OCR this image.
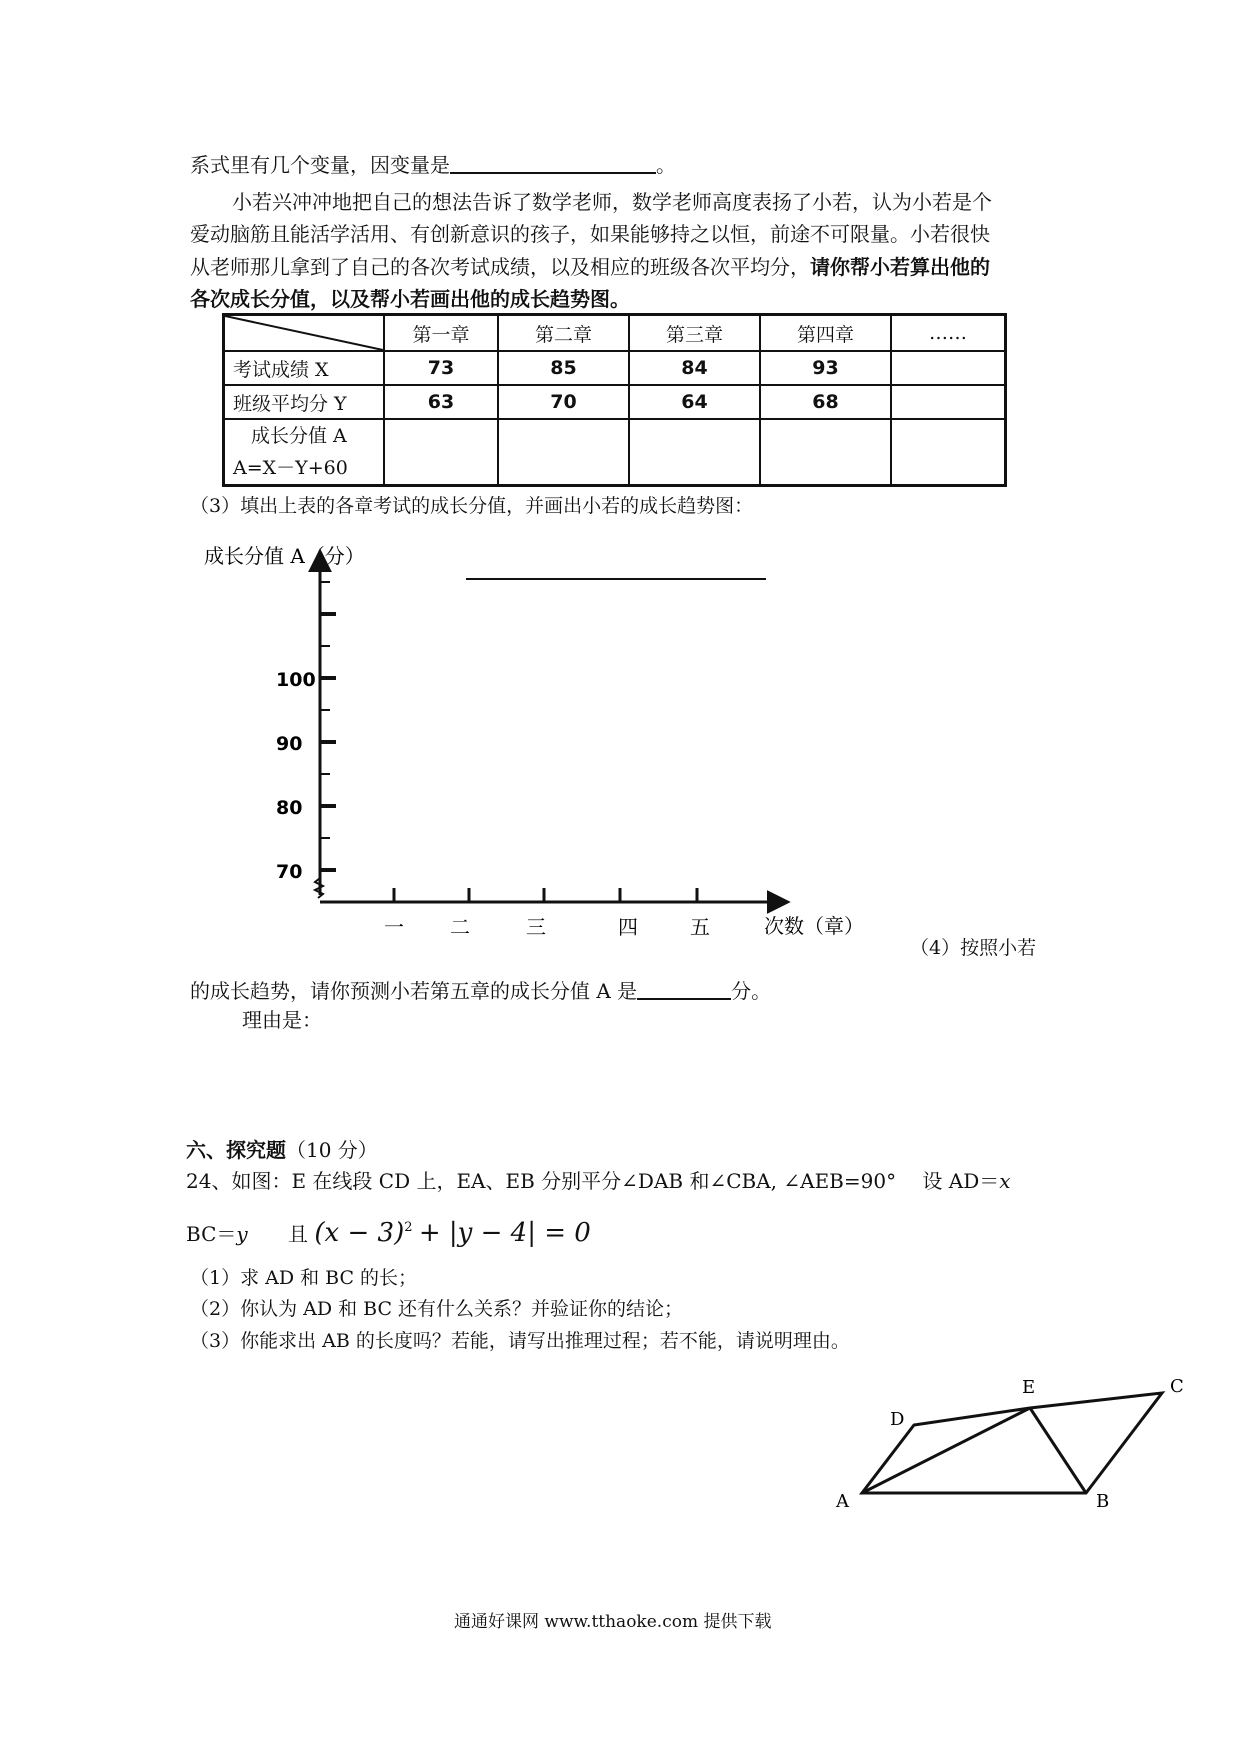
系式里有几个变量，因变量是	。
小若兴冲冲地把自己的想法告诉了数学老师，数学老师高度表扬了小若，认为小若是个
爱动脑筋且能活学活用、有创新意识的孩子，如果能够持之以恒，前途不可限量。小若很快
从老师那儿拿到了自己的各次考试成绩，以及相应的班级各次平均分，请你帮小若算出他的
各次成长分值，以及帮小若画出他的成长趋势图。
	第一章	第二章	第三章	第四章	……
考试成绩 X	73	85	84	93	
班级平均分 Y	63	70	64	68	

成长分值 A
A=X－Y+60					

（3）填出上表的各章考试的成长分值，并画出小若的成长趋势图：
成长分值 A（分）
70
80
90
100
一 二	三	四	五	次数（章）
（4）按照小若
的成长趋势，请你预测小若第五章的成长分值 A 是	分。
理由是：
六、探究题（10 分）
24、如图：E 在线段 CD 上，EA、EB 分别平分∠DAB 和∠CBA, ∠AEB=90°　 设 AD＝x
BC＝y 且 $(x - 3)^2 + |y - 4| = 0$
（1）求 AD 和 BC 的长；
（2）你认为 AD 和 BC 还有什么关系？并验证你的结论；
（3）你能求出 AB 的长度吗？若能，请写出推理过程；若不能，请说明理由。
A	B
C
D
E
通通好课网 www.tthaoke.com 提供下载
